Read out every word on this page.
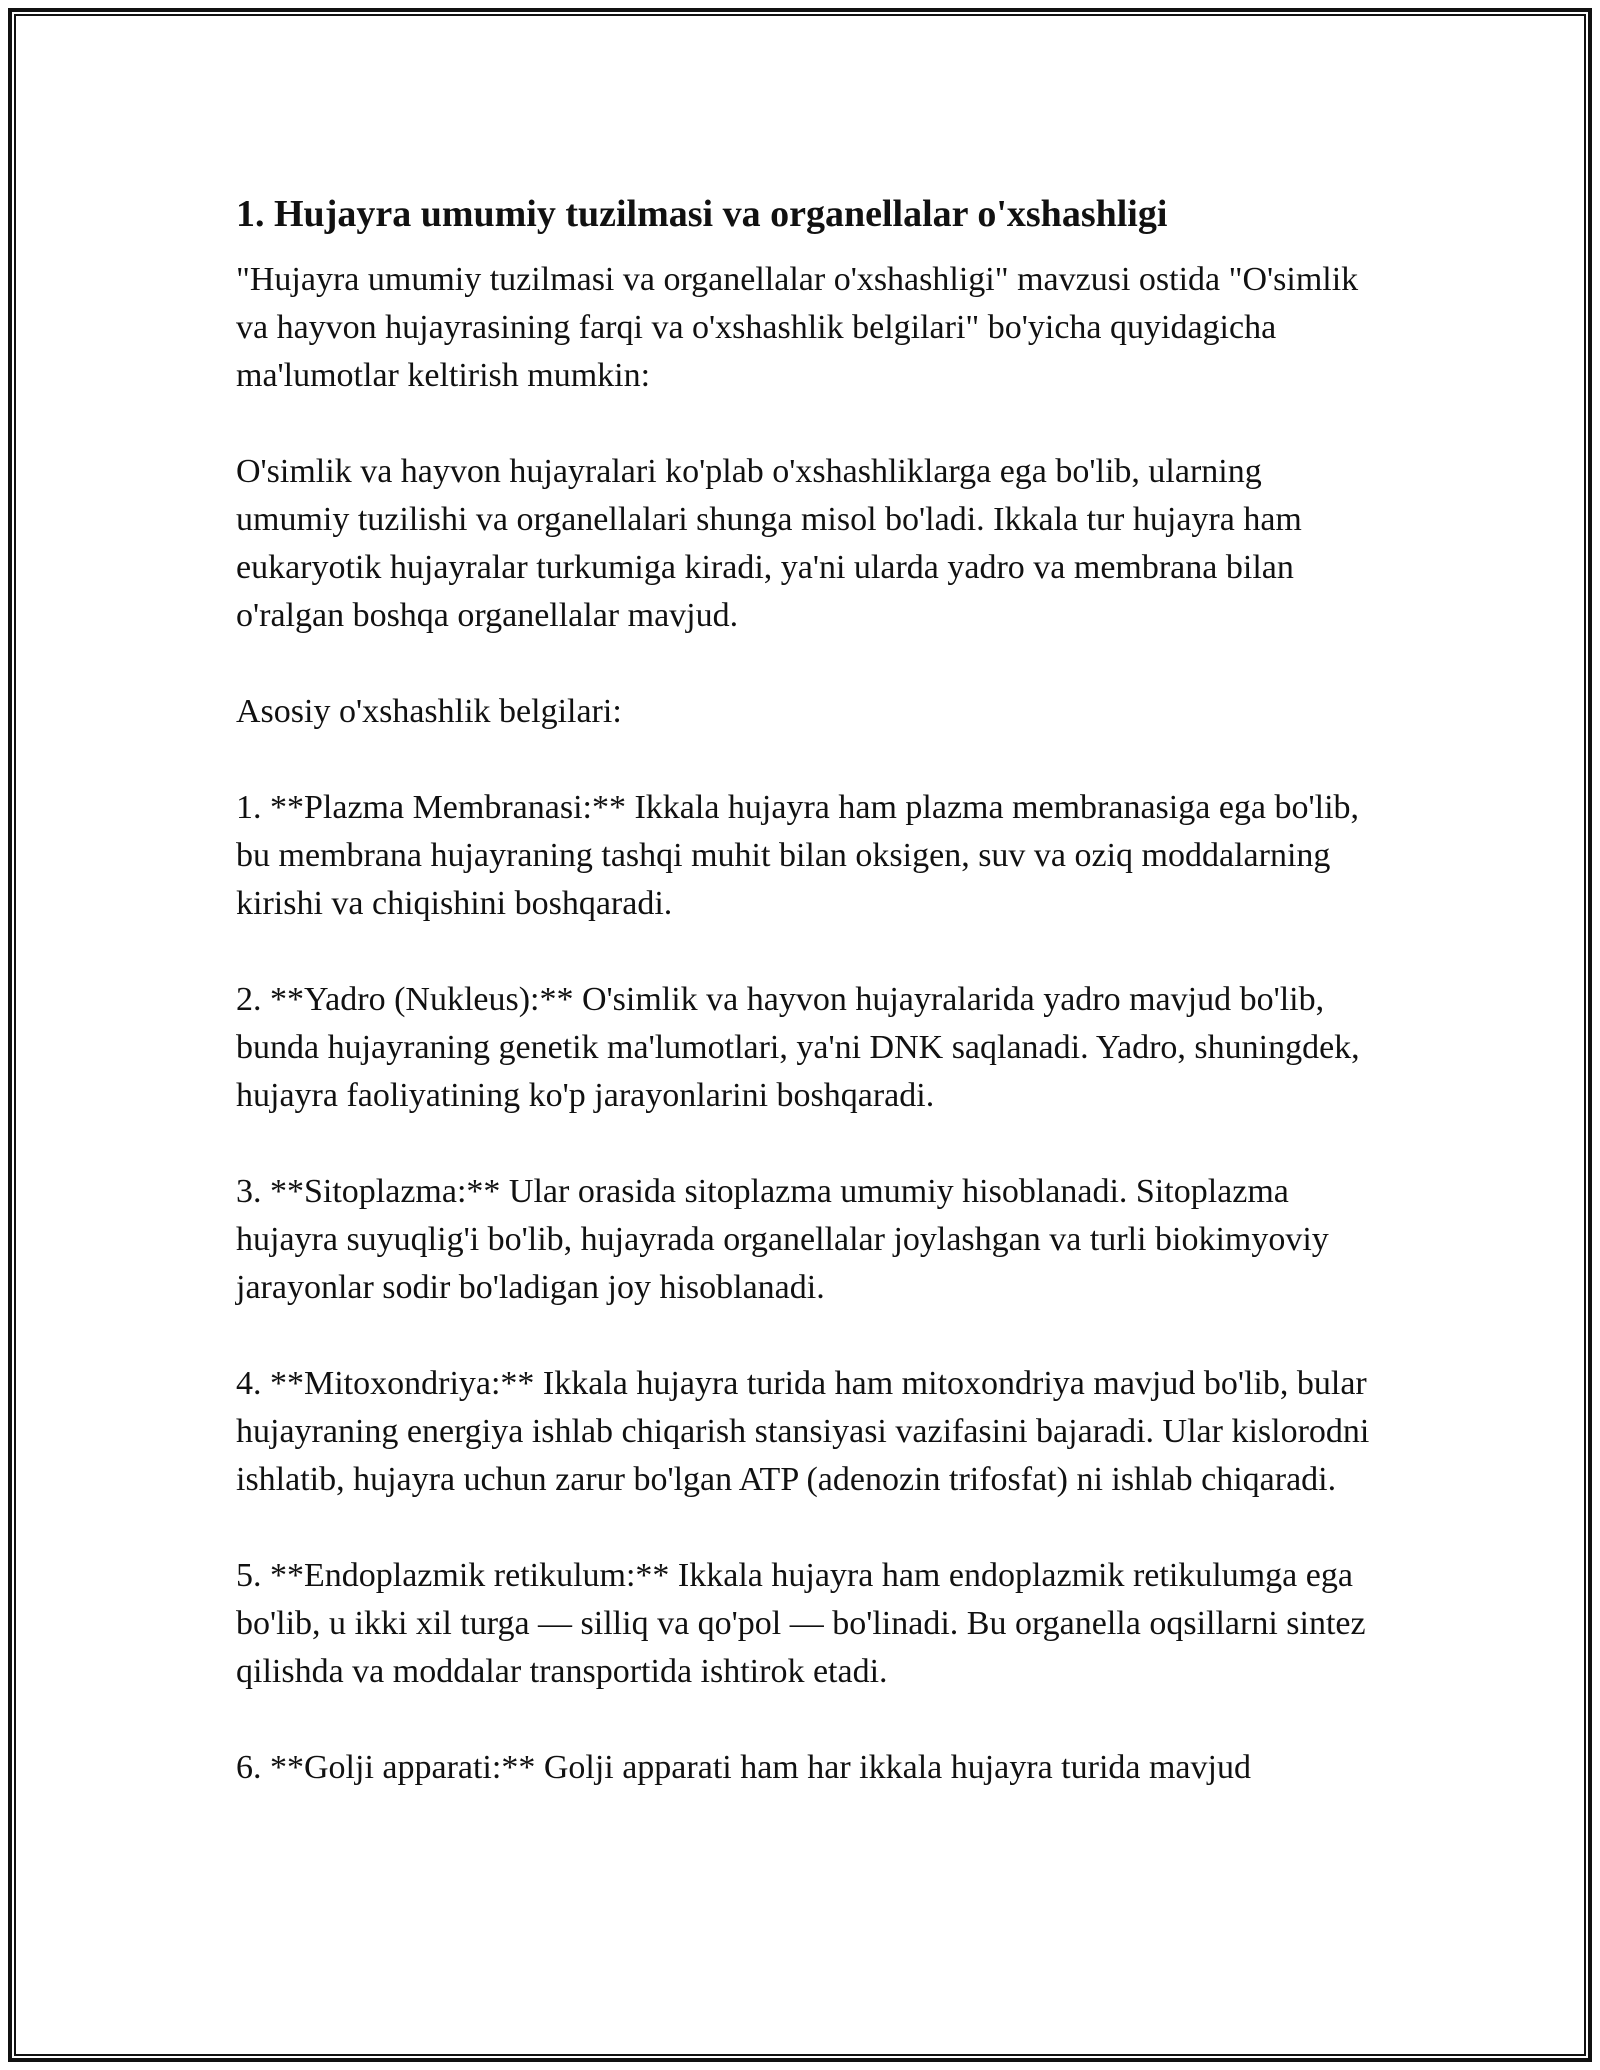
1. Hujayra umumiy tuzilmasi va organellalar o'xshashligi

"Hujayra umumiy tuzilmasi va organellalar o'xshashligi" mavzusi ostida "O'simlik va hayvon hujayrasining farqi va o'xshashlik belgilari" bo'yicha quyidagicha ma'lumotlar keltirish mumkin:

O'simlik va hayvon hujayralari ko'plab o'xshashliklarga ega bo'lib, ularning umumiy tuzilishi va organellalari shunga misol bo'ladi. Ikkala tur hujayra ham eukaryotik hujayralar turkumiga kiradi, ya'ni ularda yadro va membrana bilan o'ralgan boshqa organellalar mavjud.

Asosiy o'xshashlik belgilari:

1. **Plazma Membranasi:** Ikkala hujayra ham plazma membranasiga ega bo'lib, bu membrana hujayraning tashqi muhit bilan oksigen, suv va oziq moddalarning kirishi va chiqishini boshqaradi.

2. **Yadro (Nukleus):** O'simlik va hayvon hujayralarida yadro mavjud bo'lib, bunda hujayraning genetik ma'lumotlari, ya'ni DNK saqlanadi. Yadro, shuningdek, hujayra faoliyatining ko'p jarayonlarini boshqaradi.

3. **Sitoplazma:** Ular orasida sitoplazma umumiy hisoblanadi. Sitoplazma hujayra suyuqlig'i bo'lib, hujayrada organellalar joylashgan va turli biokimyoviy jarayonlar sodir bo'ladigan joy hisoblanadi.

4. **Mitoxondriya:** Ikkala hujayra turida ham mitoxondriya mavjud bo'lib, bular hujayraning energiya ishlab chiqarish stansiyasi vazifasini bajaradi. Ular kislorodni ishlatib, hujayra uchun zarur bo'lgan ATP (adenozin trifosfat) ni ishlab chiqaradi.

5. **Endoplazmik retikulum:** Ikkala hujayra ham endoplazmik retikulumga ega bo'lib, u ikki xil turga — silliq va qo'pol — bo'linadi. Bu organella oqsillarni sintez qilishda va moddalar transportida ishtirok etadi.

6. **Golji apparati:** Golji apparati ham har ikkala hujayra turida mavjud
